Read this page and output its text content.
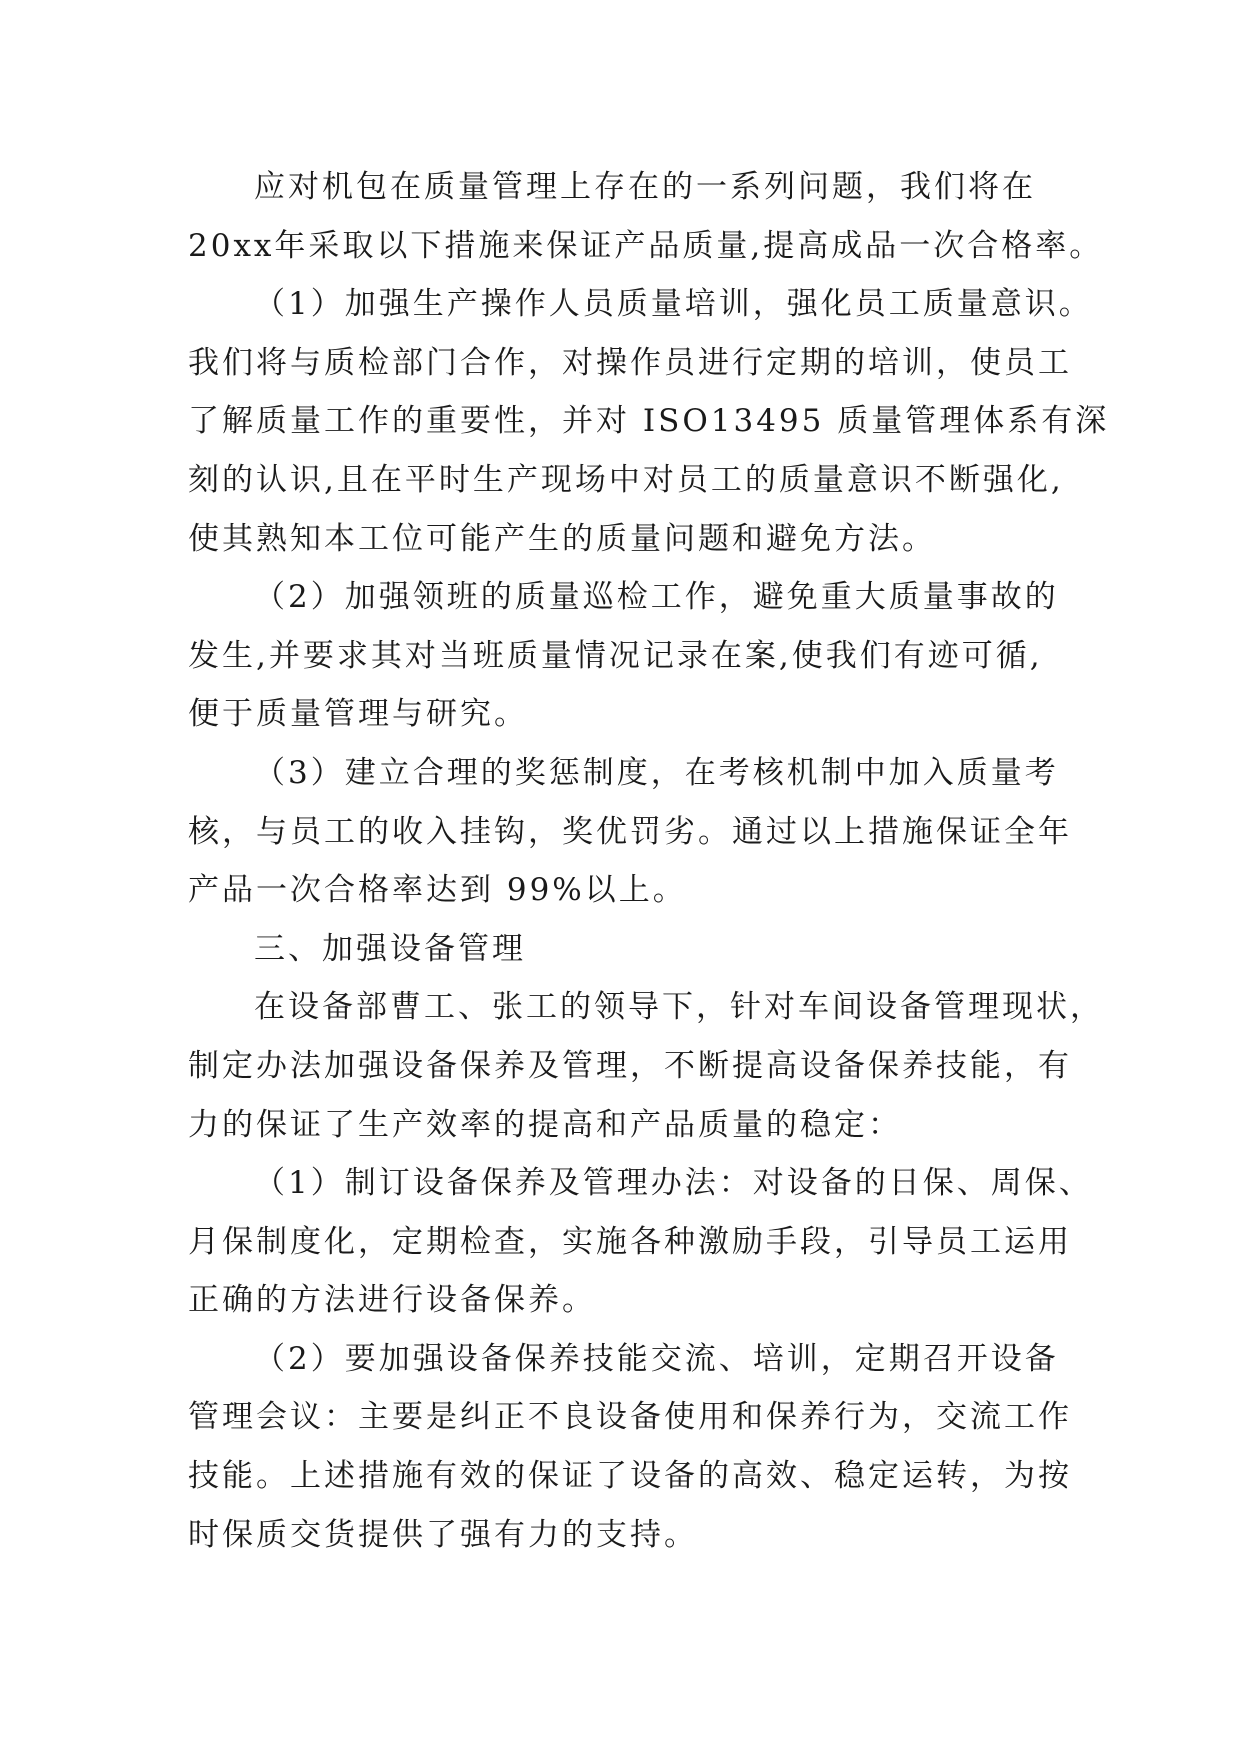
应对机包在质量管理上存在的一系列问题，我们将在
20xx年采取以下措施来保证产品质量,提高成品一次合格率。
（1）加强生产操作人员质量培训，强化员工质量意识。
我们将与质检部门合作，对操作员进行定期的培训，使员工
了解质量工作的重要性，并对 ISO13495 质量管理体系有深
刻的认识,且在平时生产现场中对员工的质量意识不断强化,
使其熟知本工位可能产生的质量问题和避免方法。
（2）加强领班的质量巡检工作，避免重大质量事故的
发生,并要求其对当班质量情况记录在案,使我们有迹可循,
便于质量管理与研究。
（3）建立合理的奖惩制度，在考核机制中加入质量考
核，与员工的收入挂钩，奖优罚劣。通过以上措施保证全年
产品一次合格率达到 99%以上。
三、加强设备管理
在设备部曹工、张工的领导下，针对车间设备管理现状，
制定办法加强设备保养及管理，不断提高设备保养技能，有
力的保证了生产效率的提高和产品质量的稳定：
（1）制订设备保养及管理办法：对设备的日保、周保、
月保制度化，定期检查，实施各种激励手段，引导员工运用
正确的方法进行设备保养。
（2）要加强设备保养技能交流、培训，定期召开设备
管理会议：主要是纠正不良设备使用和保养行为，交流工作
技能。上述措施有效的保证了设备的高效、稳定运转，为按
时保质交货提供了强有力的支持。
